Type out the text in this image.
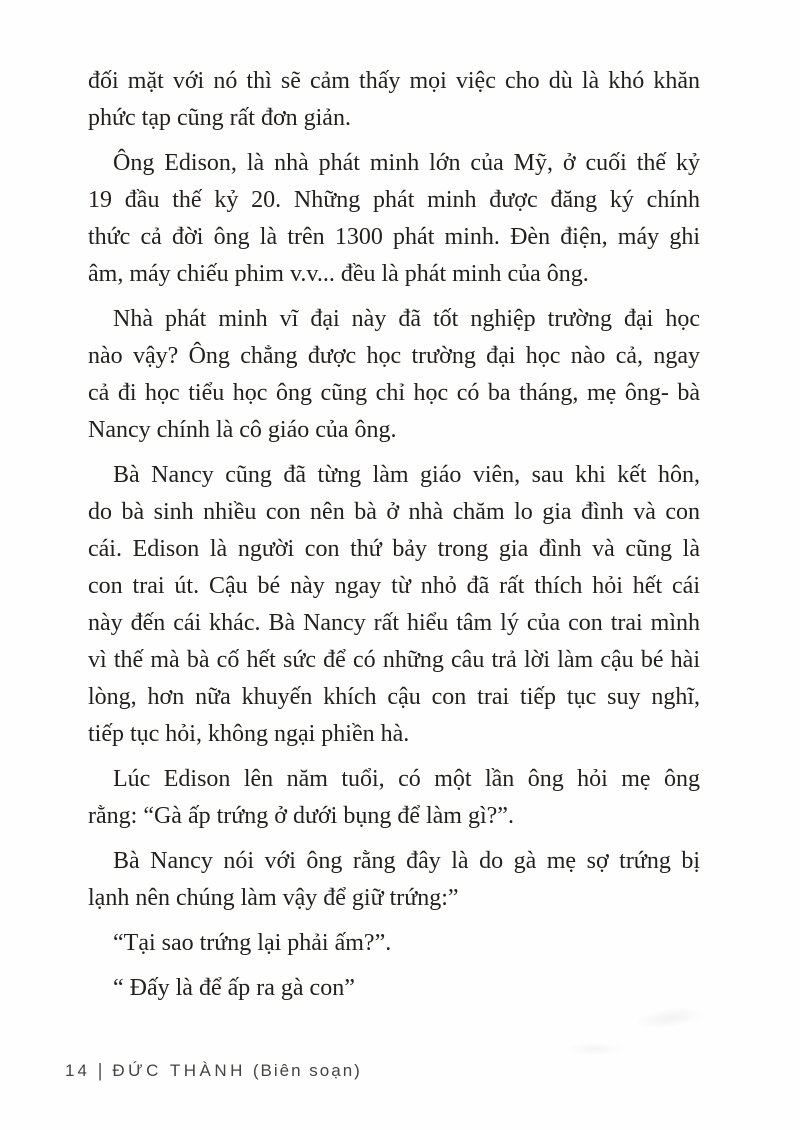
đối mặt với nó thì sẽ cảm thấy mọi việc cho dù là khó khăn
phức tạp cũng rất đơn giản.
Ông Edison, là nhà phát minh lớn của Mỹ, ở cuối thế kỷ
19 đầu thế kỷ 20. Những phát minh được đăng ký chính
thức cả đời ông là trên 1300 phát minh. Đèn điện, máy ghi
âm, máy chiếu phim v.v... đều là phát minh của ông.
Nhà phát minh vĩ đại này đã tốt nghiệp trường đại học
nào vậy? Ông chẳng được học trường đại học nào cả, ngay
cả đi học tiểu học ông cũng chỉ học có ba tháng, mẹ ông- bà
Nancy chính là cô giáo của ông.
Bà Nancy cũng đã từng làm giáo viên, sau khi kết hôn,
do bà sinh nhiều con nên bà ở nhà chăm lo gia đình và con
cái. Edison là người con thứ bảy trong gia đình và cũng là
con trai út. Cậu bé này ngay từ nhỏ đã rất thích hỏi hết cái
này đến cái khác. Bà Nancy rất hiểu tâm lý của con trai mình
vì thế mà bà cố hết sức để có những câu trả lời làm cậu bé hài
lòng, hơn nữa khuyến khích cậu con trai tiếp tục suy nghĩ,
tiếp tục hỏi, không ngại phiền hà.
Lúc Edison lên năm tuổi, có một lần ông hỏi mẹ ông
rằng: “Gà ấp trứng ở dưới bụng để làm gì?”.
Bà Nancy nói với ông rằng đây là do gà mẹ sợ trứng bị
lạnh nên chúng làm vậy để giữ trứng:”
“Tại sao trứng lại phải ấm?”.
“ Đấy là để ấp ra gà con”
14 | ĐỨC THÀNH (Biên soạn)
